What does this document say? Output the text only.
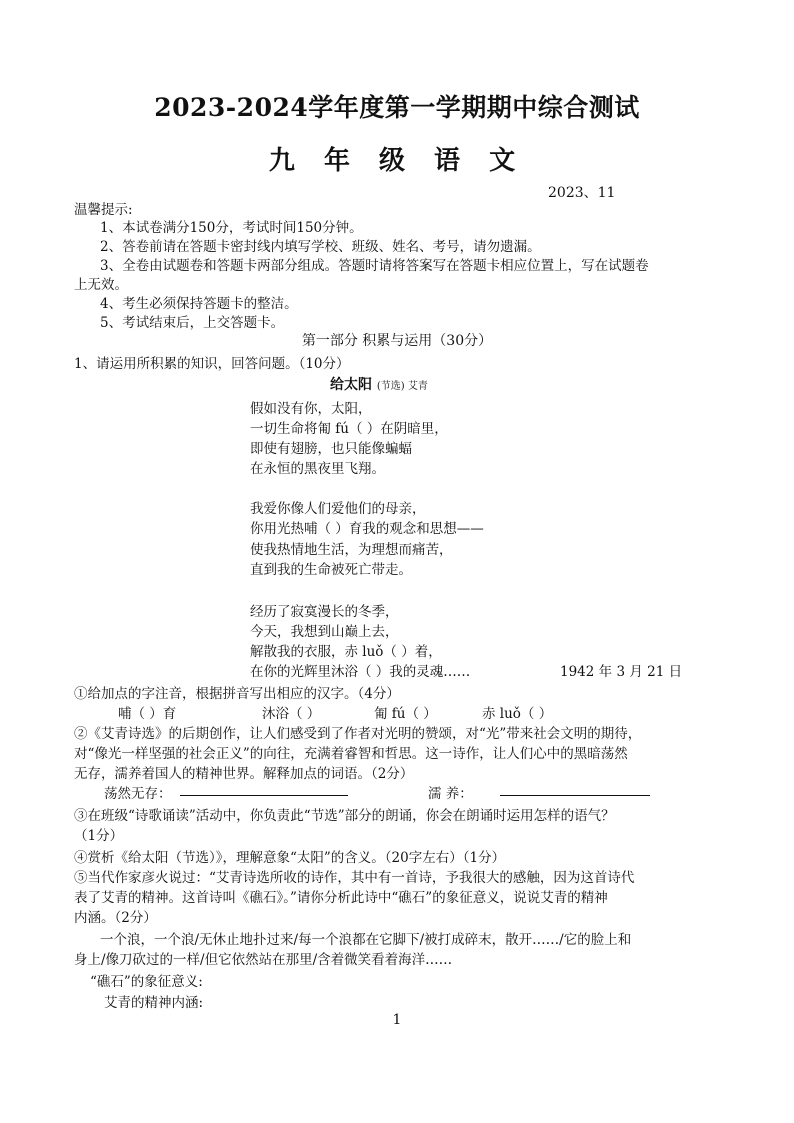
2023-2024学年度第一学期期中综合测试
九 年 级 语 文
2023、11
温馨提示:
1、本试卷满分150分，考试时间150分钟。
2、答卷前请在答题卡密封线内填写学校、班级、姓名、考号，请勿遗漏。
3、全卷由试题卷和答题卡两部分组成。答题时请将答案写在答题卡相应位置上，写在试题卷
上无效。
4、考生必须保持答题卡的整洁。
5、考试结束后，上交答题卡。
第一部分 积累与运用（30分）
1、请运用所积累的知识，回答问题。（10分）
给太阳 (节选) 艾青
假如没有你，太阳，
一切生命将匍 fú（ ）在阴暗里，
即使有翅膀，也只能像蝙蝠
在永恒的黑夜里飞翔。
我爱你像人们爱他们的母亲，
你用光热哺（ ）育我的观念和思想——
使我热情地生活，为理想而痛苦，
直到我的生命被死亡带走。
经历了寂寞漫长的冬季，
今天，我想到山巅上去，
解散我的衣服，赤 luǒ（ ）着，
在你的光辉里沐浴（ ）我的灵魂……	1942 年 3 月 21 日
①给加点的字注音，根据拼音写出相应的汉字。（4分）
哺（ ）育	沐浴（ ）	匍 fú（ ）	赤 luǒ（ ）
②《艾青诗选》的后期创作，让人们感受到了作者对光明的赞颂，对“光”带来社会文明的期待，
对“像光一样坚强的社会正义”的向往，充满着睿智和哲思。这一诗作，让人们心中的黑暗荡然
无存，濡养着国人的精神世界。解释加点的词语。（2分）
荡然无存：	濡 养：
③在班级“诗歌诵读”活动中，你负责此“节选”部分的朗诵，你会在朗诵时运用怎样的语气？
（1分）
④赏析《给太阳（节选）》，理解意象“太阳”的含义。（20字左右）（1分）
⑤当代作家彦火说过：“艾青诗选所收的诗作，其中有一首诗，予我很大的感触，因为这首诗代
表了艾青的精神。这首诗叫《礁石》。”请你分析此诗中“礁石”的象征意义，说说艾青的精神
内涵。（2分）
一个浪，一个浪/无休止地扑过来/每一个浪都在它脚下/被打成碎末，散开……/它的脸上和
身上/像刀砍过的一样/但它依然站在那里/含着微笑看着海洋……
“礁石”的象征意义:
艾青的精神内涵:
1
